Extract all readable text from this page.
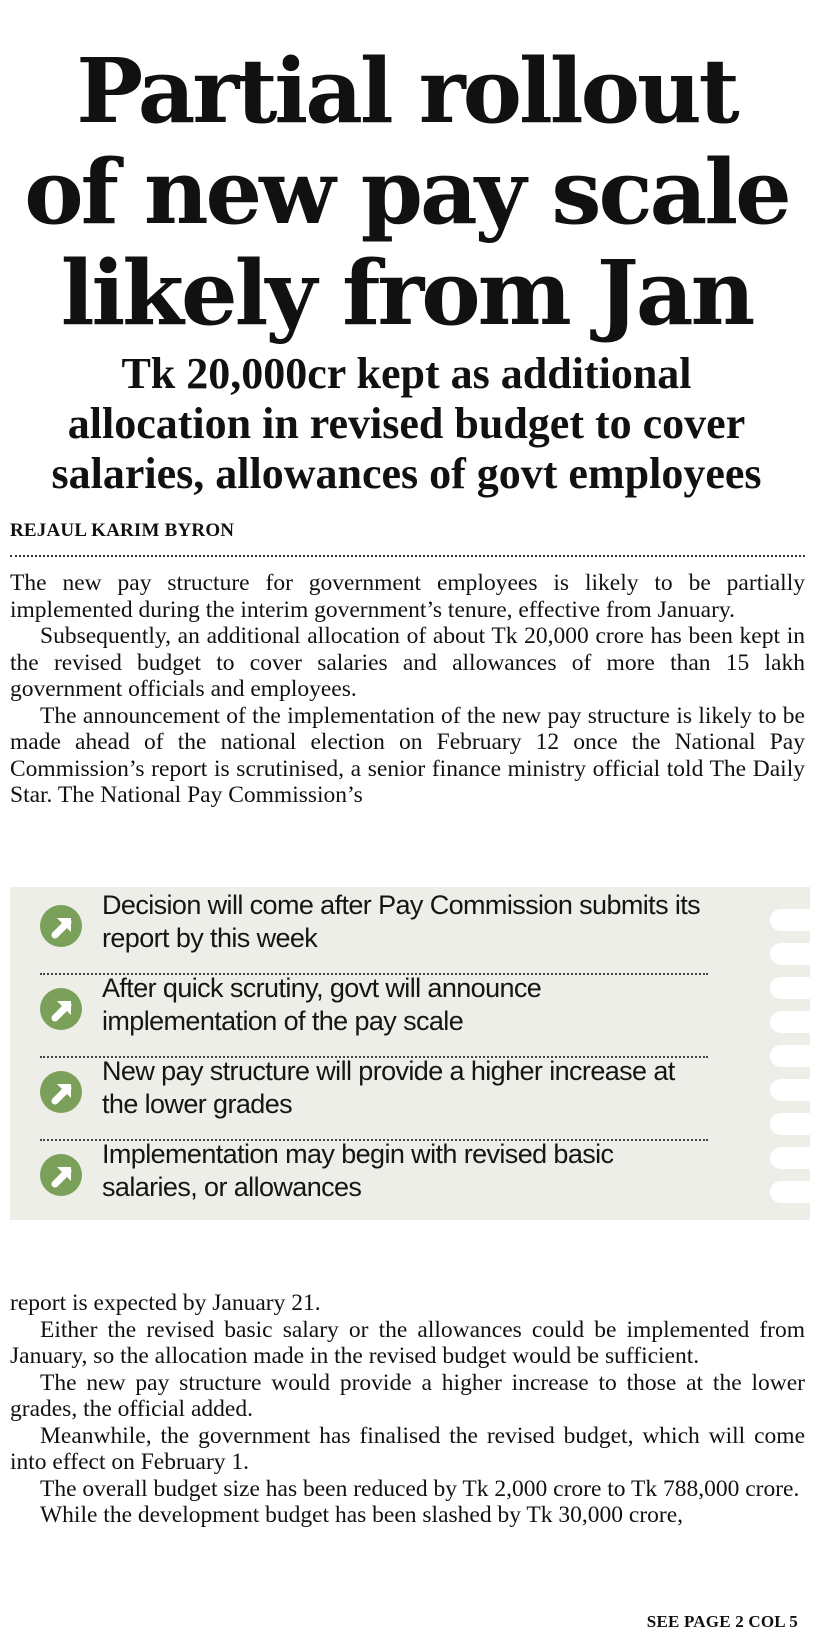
Partial rollout
of new pay scale
likely from Jan
Tk 20,000cr kept as additional
allocation in revised budget to cover
salaries, allowances of govt employees
REJAUL KARIM BYRON

The new pay structure for government employees is likely to be partially implemented during the interim government’s tenure, effective from January.

Subsequently, an additional allocation of about Tk 20,000 crore has been kept in the revised budget to cover salaries and allowances of more than 15 lakh government officials and employees.

The announcement of the implementation of the new pay structure is likely to be made ahead of the national election on February 12 once the National Pay Commission’s report is scrutinised, a senior finance ministry official told The Daily Star. The National Pay Commission’s

Decision will come after Pay Commission submits its report by this week
After quick scrutiny, govt will announce implementation of the pay scale
New pay structure will provide a higher increase at the lower grades
Implementation may begin with revised basic salaries, or allowances

report is expected by January 21.

Either the revised basic salary or the allowances could be implemented from January, so the allocation made in the revised budget would be sufficient.

The new pay structure would provide a higher increase to those at the lower grades, the official added.

Meanwhile, the government has finalised the revised budget, which will come into effect on February 1.

The overall budget size has been reduced by Tk 2,000 crore to Tk 788,000 crore.

While the development budget has been slashed by Tk 30,000 crore,

SEE PAGE 2 COL 5
